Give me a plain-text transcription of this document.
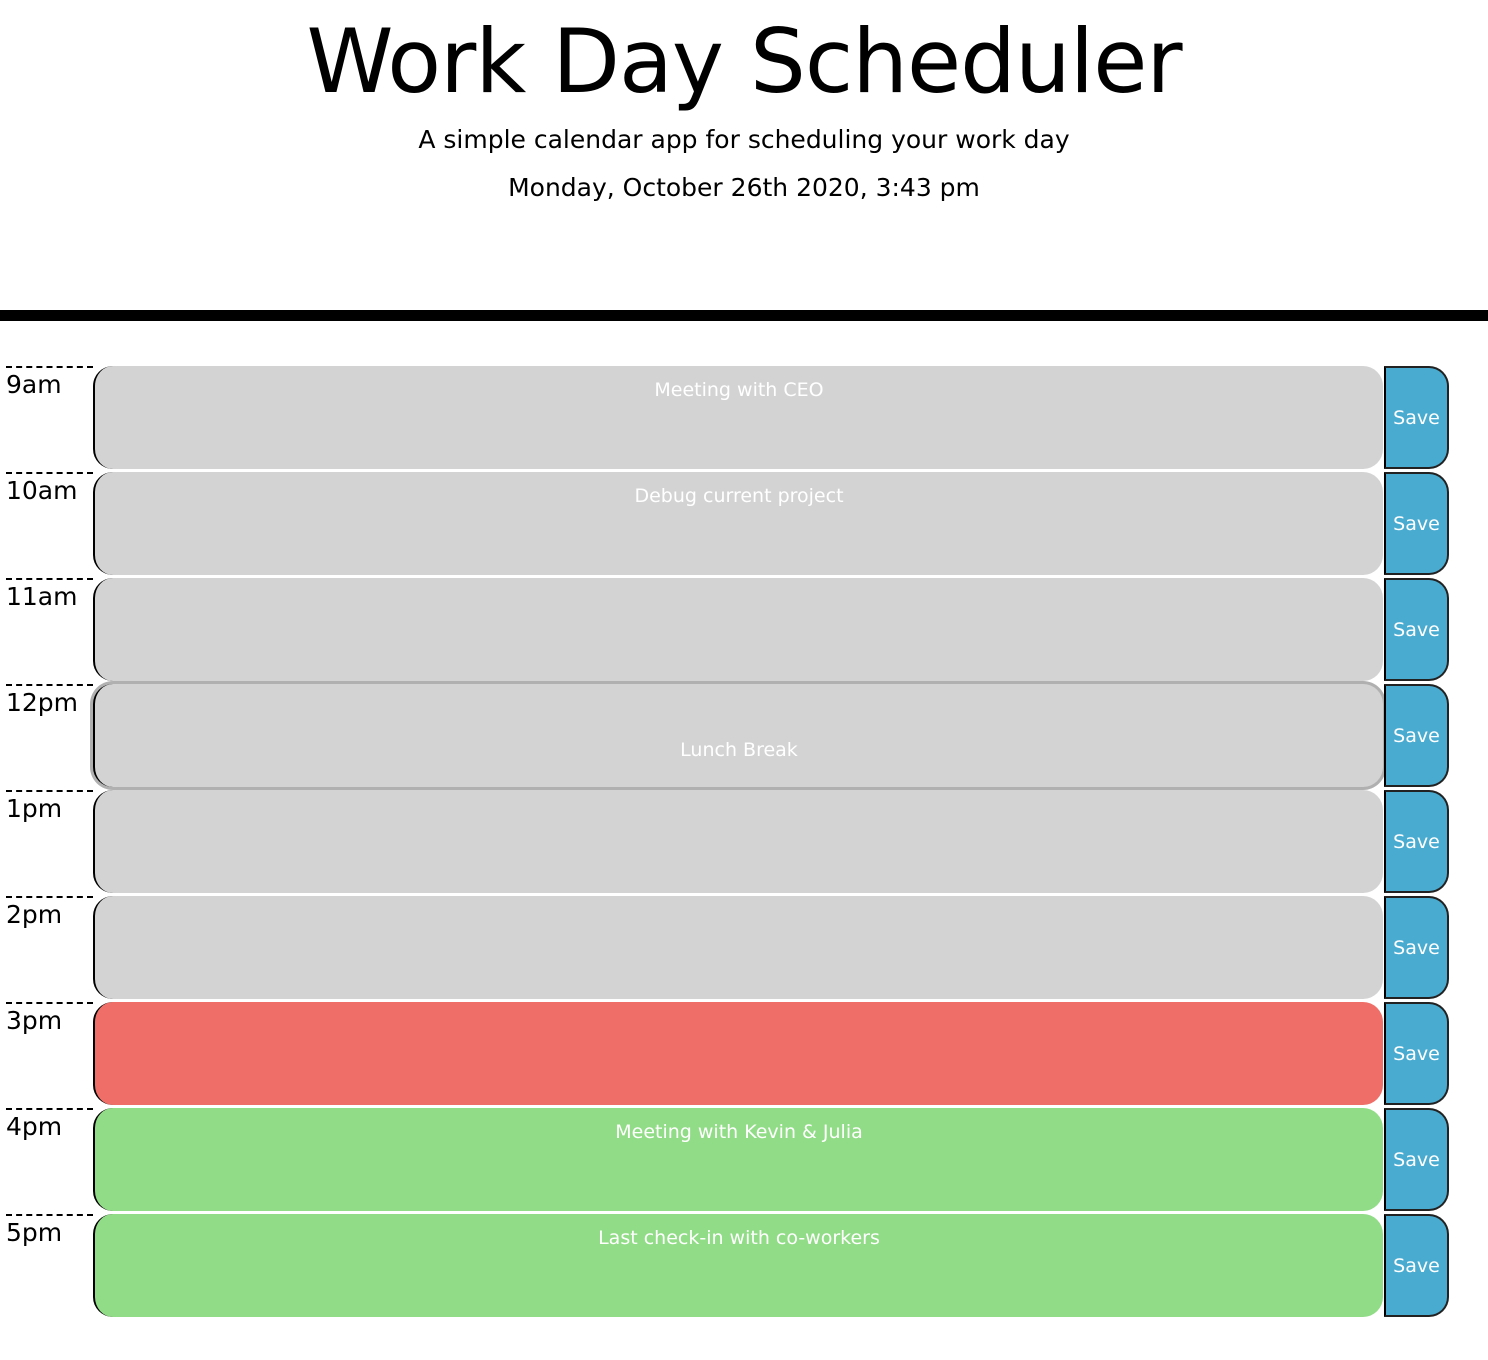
Work Day Scheduler

A simple calendar app for scheduling your work day

Monday, October 26th 2020, 3:43 pm

9am	Meeting with CEO
Save
10am	Debug current project
Save
11am
Save
12pm

Lunch Break

Save
1pm
Save
2pm
Save
3pm
Save
4pm	Meeting with Kevin & Julia
Save
5pm	Last check-in with co-workers
Save
